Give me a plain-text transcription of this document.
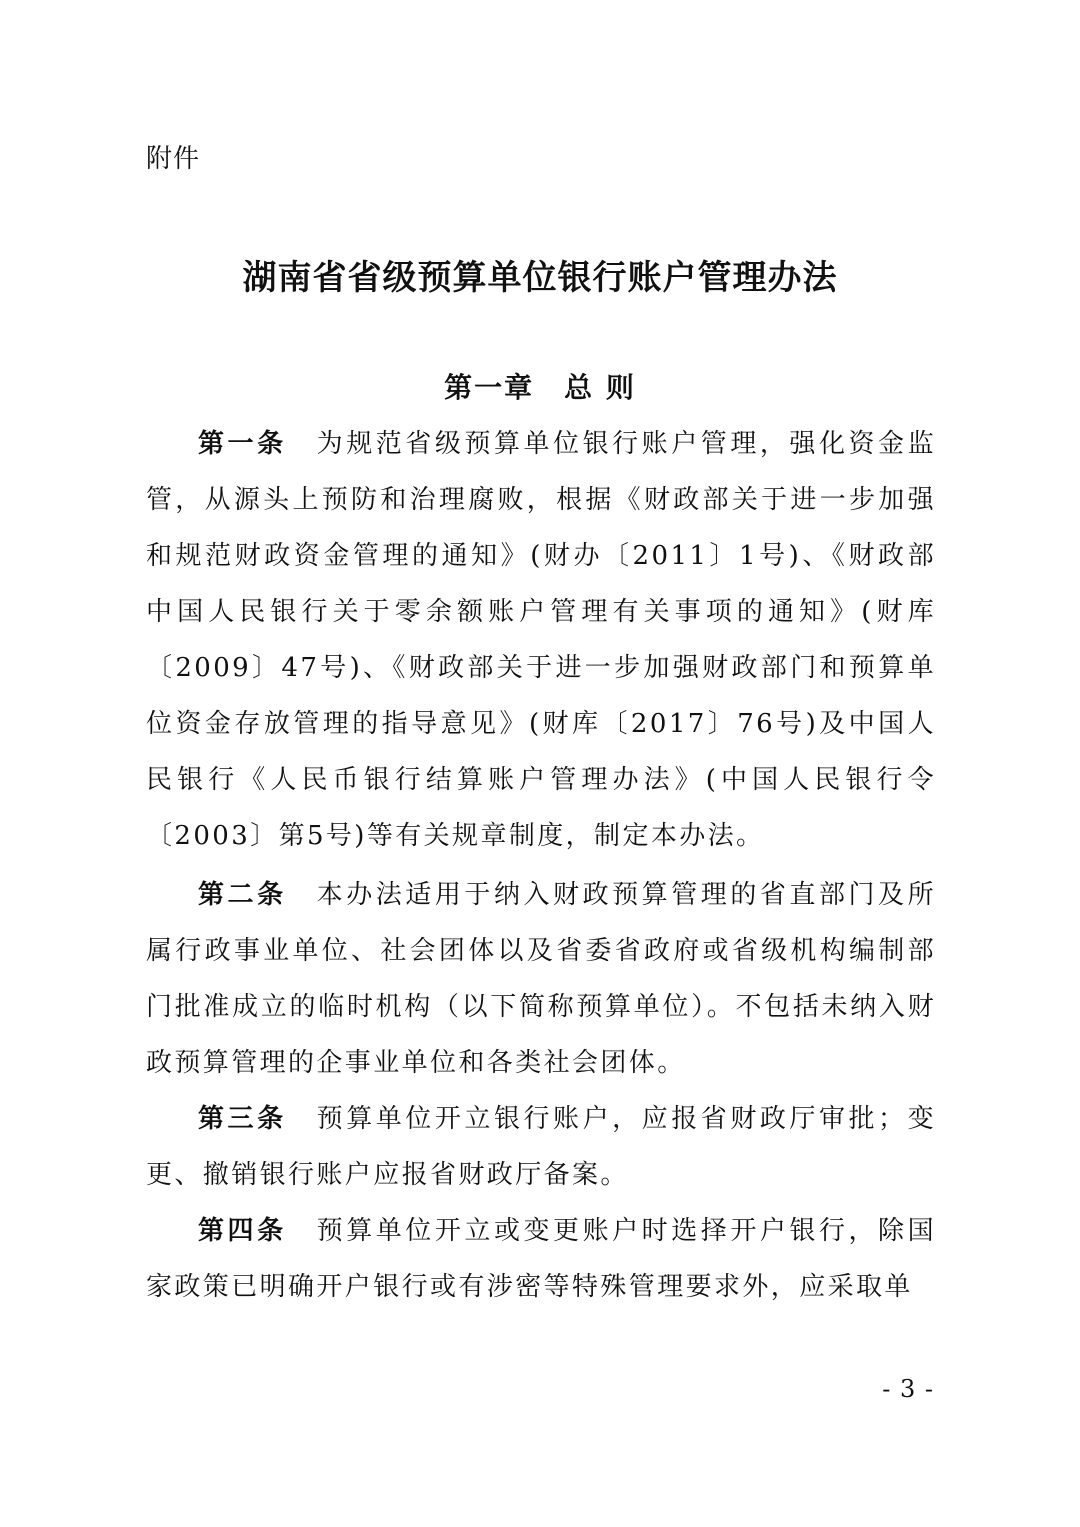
附件
湖南省省级预算单位银行账户管理办法
第一章　总 则

第一条 为规范省级预算单位银行账户管理，强化资金监管，从源头上预防和治理腐败，根据《财政部关于进一步加强和规范财政资金管理的通知》(财办〔2011〕1号)、《财政部 中国人民银行关于零余额账户管理有关事项的通知》(财库〔2009〕47号)、《财政部关于进一步加强财政部门和预算单位资金存放管理的指导意见》(财库〔2017〕76号)及中国人民银行《人民币银行结算账户管理办法》(中国人民银行令〔2003〕第5号)等有关规章制度，制定本办法。

第二条 本办法适用于纳入财政预算管理的省直部门及所属行政事业单位、社会团体以及省委省政府或省级机构编制部门批准成立的临时机构（以下简称预算单位）。不包括未纳入财政预算管理的企事业单位和各类社会团体。

第三条 预算单位开立银行账户，应报省财政厅审批；变更、撤销银行账户应报省财政厅备案。

第四条 预算单位开立或变更账户时选择开户银行，除国家政策已明确开户银行或有涉密等特殊管理要求外，应采取单

- 3 -
